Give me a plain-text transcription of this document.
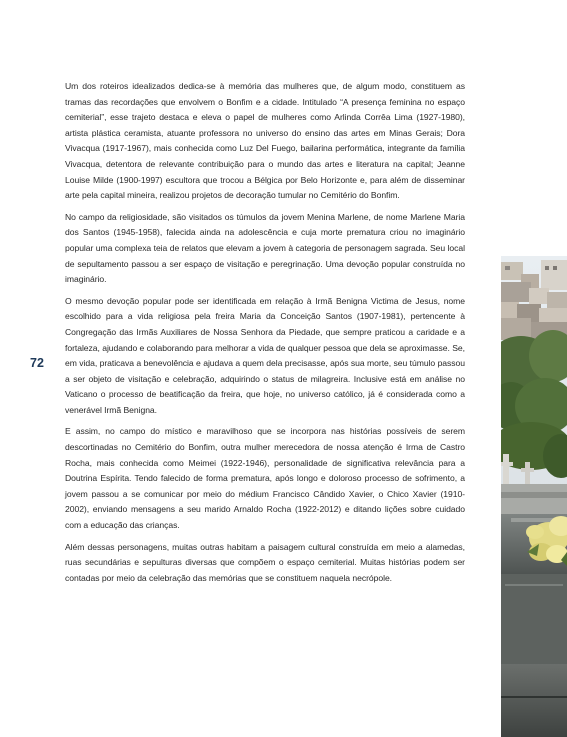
72

Um dos roteiros idealizados dedica-se à memória das mulheres que, de algum modo, constituem as tramas das recordações que envolvem o Bonfim e a cidade. Intitulado “A presença feminina no espaço cemiterial”, esse trajeto destaca e eleva o papel de mulheres como Arlinda Corrêa Lima (1927-1980), artista plástica ceramista, atuante professora no universo do ensino das artes em Minas Gerais; Dora Vivacqua (1917-1967), mais conhecida como Luz Del Fuego, bailarina performática, integrante da família Vivacqua, detentora de relevante contribuição para o mundo das artes e literatura na capital; Jeanne Louise Milde (1900-1997) escultora que trocou a Bélgica por Belo Horizonte e, para além de disseminar arte pela capital mineira, realizou projetos de decoração tumular no Cemitério do Bonfim.

No campo da religiosidade, são visitados os túmulos da jovem Menina Marlene, de nome Marlene Maria dos Santos (1945-1958), falecida ainda na adolescência e cuja morte prematura criou no imaginário popular uma complexa teia de relatos que elevam a jovem à categoria de personagem sagrada. Seu local de sepultamento passou a ser espaço de visitação e peregrinação. Uma devoção popular construída no imaginário.

O mesmo devoção popular pode ser identificada em relação à Irmã Benigna Victima de Jesus, nome escolhido para a vida religiosa pela freira Maria da Conceição Santos (1907-1981), pertencente à Congregação das Irmãs Auxiliares de Nossa Senhora da Piedade, que sempre praticou a caridade e a fortaleza, ajudando e colaborando para melhorar a vida de qualquer pessoa que dela se aproximasse. Se, em vida, praticava a benevolência e ajudava a quem dela precisasse, após sua morte, seu túmulo passou a ser objeto de visitação e celebração, adquirindo o status de milagreira. Inclusive está em análise no Vaticano o processo de beatificação da freira, que hoje, no universo católico, já é considerada como a venerável Irmã Benigna.

E assim, no campo do místico e maravilhoso que se incorpora nas histórias possíveis de serem descortinadas no Cemitério do Bonfim, outra mulher merecedora de nossa atenção é Irma de Castro Rocha, mais conhecida como Meimei (1922-1946), personalidade de significativa relevância para a Doutrina Espírita. Tendo falecido de forma prematura, após longo e doloroso processo de sofrimento, a jovem passou a se comunicar por meio do médium Francisco Cândido Xavier, o Chico Xavier (1910-2002), enviando mensagens a seu marido Arnaldo Rocha (1922-2012) e ditando lições sobre cuidado com a educação das crianças.

Além dessas personagens, muitas outras habitam a paisagem cultural construída em meio a alamedas, ruas secundárias e sepulturas diversas que compõem o espaço cemiterial. Muitas histórias podem ser contadas por meio da celebração das memórias que se constituem naquela necrópole.
